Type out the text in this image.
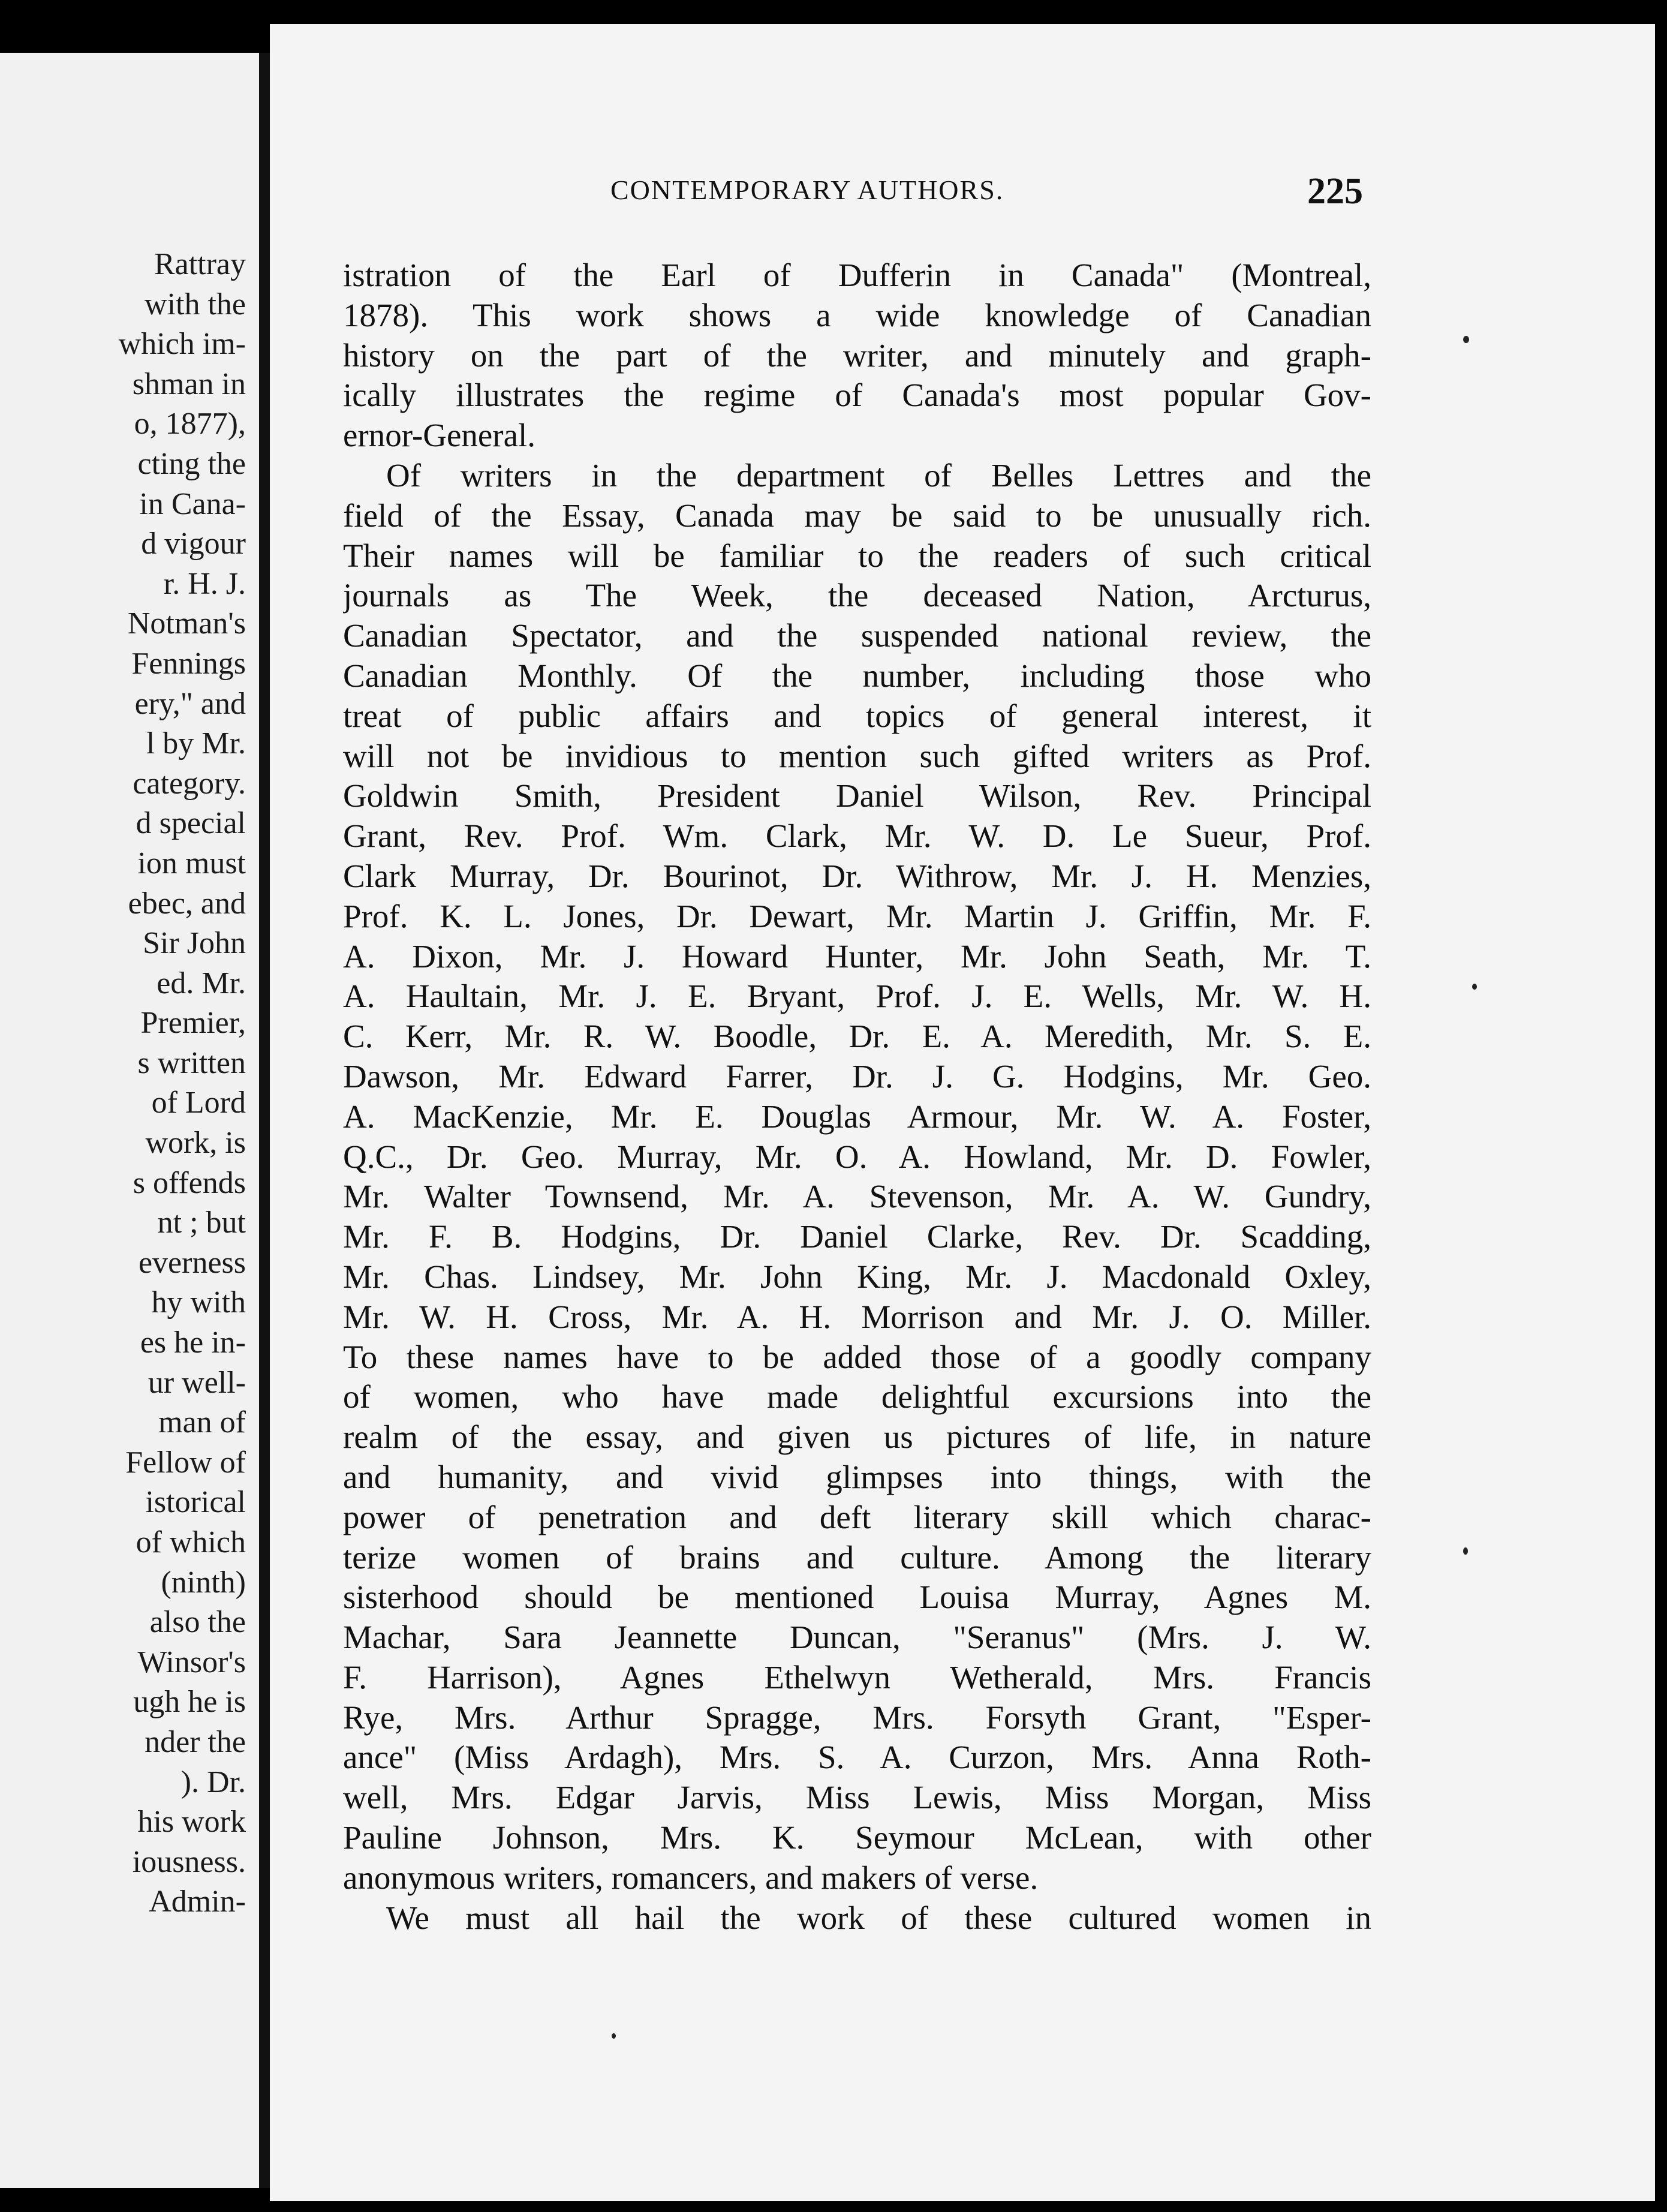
Rattray
with the
which im-
shman in
o, 1877),
cting the
in Cana-
d vigour
r. H. J.
Notman's
Fennings
ery," and
l by Mr.
category.
d special
ion must
ebec, and
Sir John
ed. Mr.
Premier,
s written
of Lord
work, is
s offends
nt ; but
everness
hy with
es he in-
ur well-
man of
Fellow of
istorical
of which
(ninth)
also the
Winsor's
ugh he is
nder the
). Dr.
his work
iousness.
Admin-
CONTEMPORARY AUTHORS.	225
istration of the Earl of Dufferin in Canada" (Montreal,
1878). This work shows a wide knowledge of Canadian
history on the part of the writer, and minutely and graph-
ically illustrates the regime of Canada's most popular Gov-
ernor-General.
Of writers in the department of Belles Lettres and the
field of the Essay, Canada may be said to be unusually rich.
Their names will be familiar to the readers of such critical
journals as The Week, the deceased Nation, Arcturus,
Canadian Spectator, and the suspended national review, the
Canadian Monthly. Of the number, including those who
treat of public affairs and topics of general interest, it
will not be invidious to mention such gifted writers as Prof.
Goldwin Smith, President Daniel Wilson, Rev. Principal
Grant, Rev. Prof. Wm. Clark, Mr. W. D. Le Sueur, Prof.
Clark Murray, Dr. Bourinot, Dr. Withrow, Mr. J. H. Menzies,
Prof. K. L. Jones, Dr. Dewart, Mr. Martin J. Griffin, Mr. F.
A. Dixon, Mr. J. Howard Hunter, Mr. John Seath, Mr. T.
A. Haultain, Mr. J. E. Bryant, Prof. J. E. Wells, Mr. W. H.
C. Kerr, Mr. R. W. Boodle, Dr. E. A. Meredith, Mr. S. E.
Dawson, Mr. Edward Farrer, Dr. J. G. Hodgins, Mr. Geo.
A. MacKenzie, Mr. E. Douglas Armour, Mr. W. A. Foster,
Q.C., Dr. Geo. Murray, Mr. O. A. Howland, Mr. D. Fowler,
Mr. Walter Townsend, Mr. A. Stevenson, Mr. A. W. Gundry,
Mr. F. B. Hodgins, Dr. Daniel Clarke, Rev. Dr. Scadding,
Mr. Chas. Lindsey, Mr. John King, Mr. J. Macdonald Oxley,
Mr. W. H. Cross, Mr. A. H. Morrison and Mr. J. O. Miller.
To these names have to be added those of a goodly company
of women, who have made delightful excursions into the
realm of the essay, and given us pictures of life, in nature
and humanity, and vivid glimpses into things, with the
power of penetration and deft literary skill which charac-
terize women of brains and culture. Among the literary
sisterhood should be mentioned Louisa Murray, Agnes M.
Machar, Sara Jeannette Duncan, "Seranus" (Mrs. J. W.
F. Harrison), Agnes Ethelwyn Wetherald, Mrs. Francis
Rye, Mrs. Arthur Spragge, Mrs. Forsyth Grant, "Esper-
ance" (Miss Ardagh), Mrs. S. A. Curzon, Mrs. Anna Roth-
well, Mrs. Edgar Jarvis, Miss Lewis, Miss Morgan, Miss
Pauline Johnson, Mrs. K. Seymour McLean, with other
anonymous writers, romancers, and makers of verse.
We must all hail the work of these cultured women in
